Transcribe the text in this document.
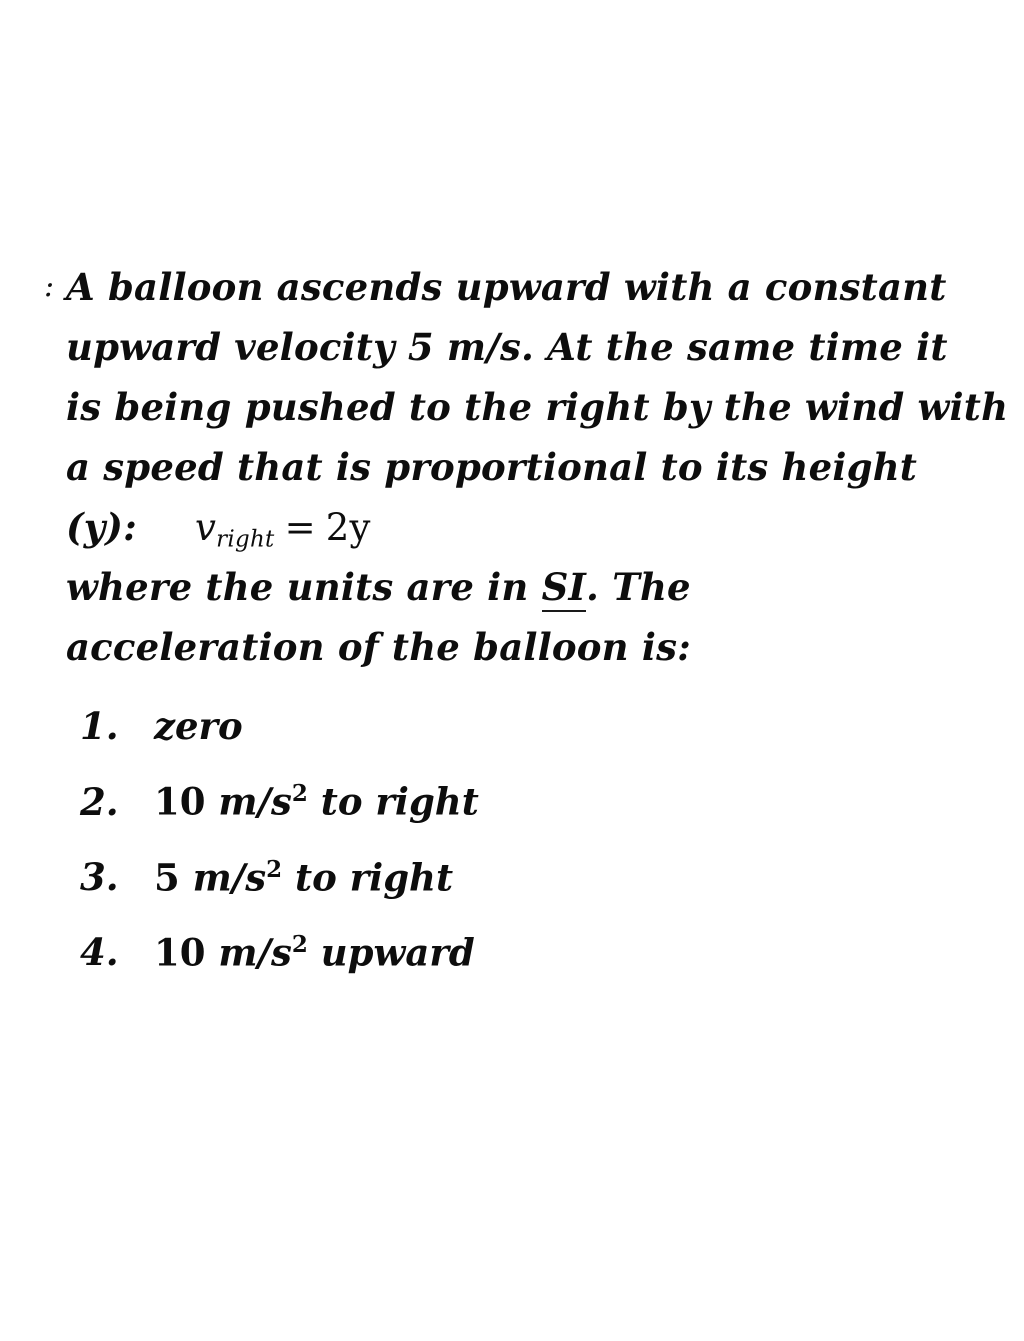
: A balloon ascends upward with a constant
upward velocity 5 m/s. At the same time it
is being pushed to the right by the wind with
a speed that is proportional to its height
(y): vright = 2y
where the units are in SI. The
acceleration of the balloon is:
1. zero
2. 10 $m/s^2$ to right
3. 5 $m/s^2$ to right
4. 10 $m/s^2$ upward
